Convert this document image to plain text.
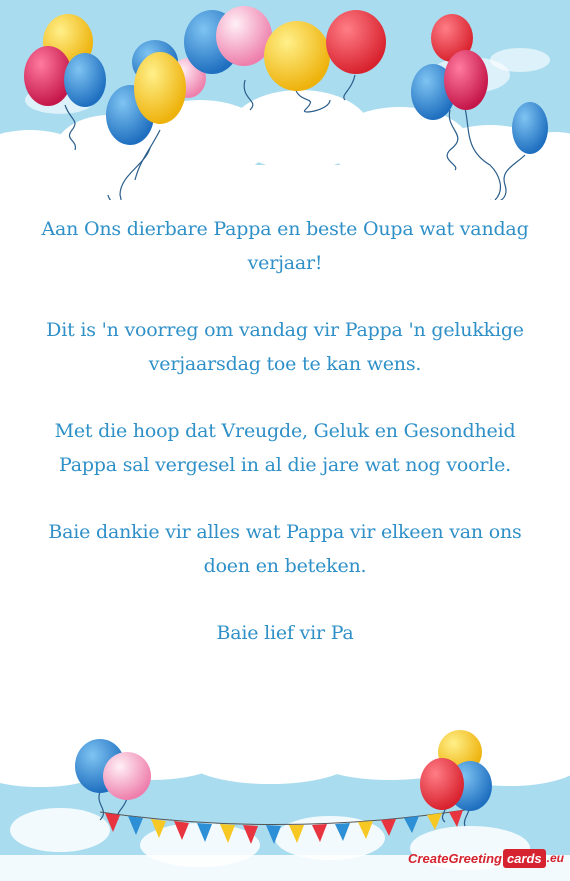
Aan Ons dierbare Pappa en beste Oupa wat vandag verjaar!

Dit is 'n voorreg om vandag vir Pappa 'n gelukkige verjaarsdag toe te kan wens.

Met die hoop dat Vreugde, Geluk en Gesondheid Pappa sal vergesel in al die jare wat nog voorle.

Baie dankie vir alles wat Pappa vir elkeen van ons doen en beteken.

Baie lief vir Pa

CreateGreeting cards .eu
